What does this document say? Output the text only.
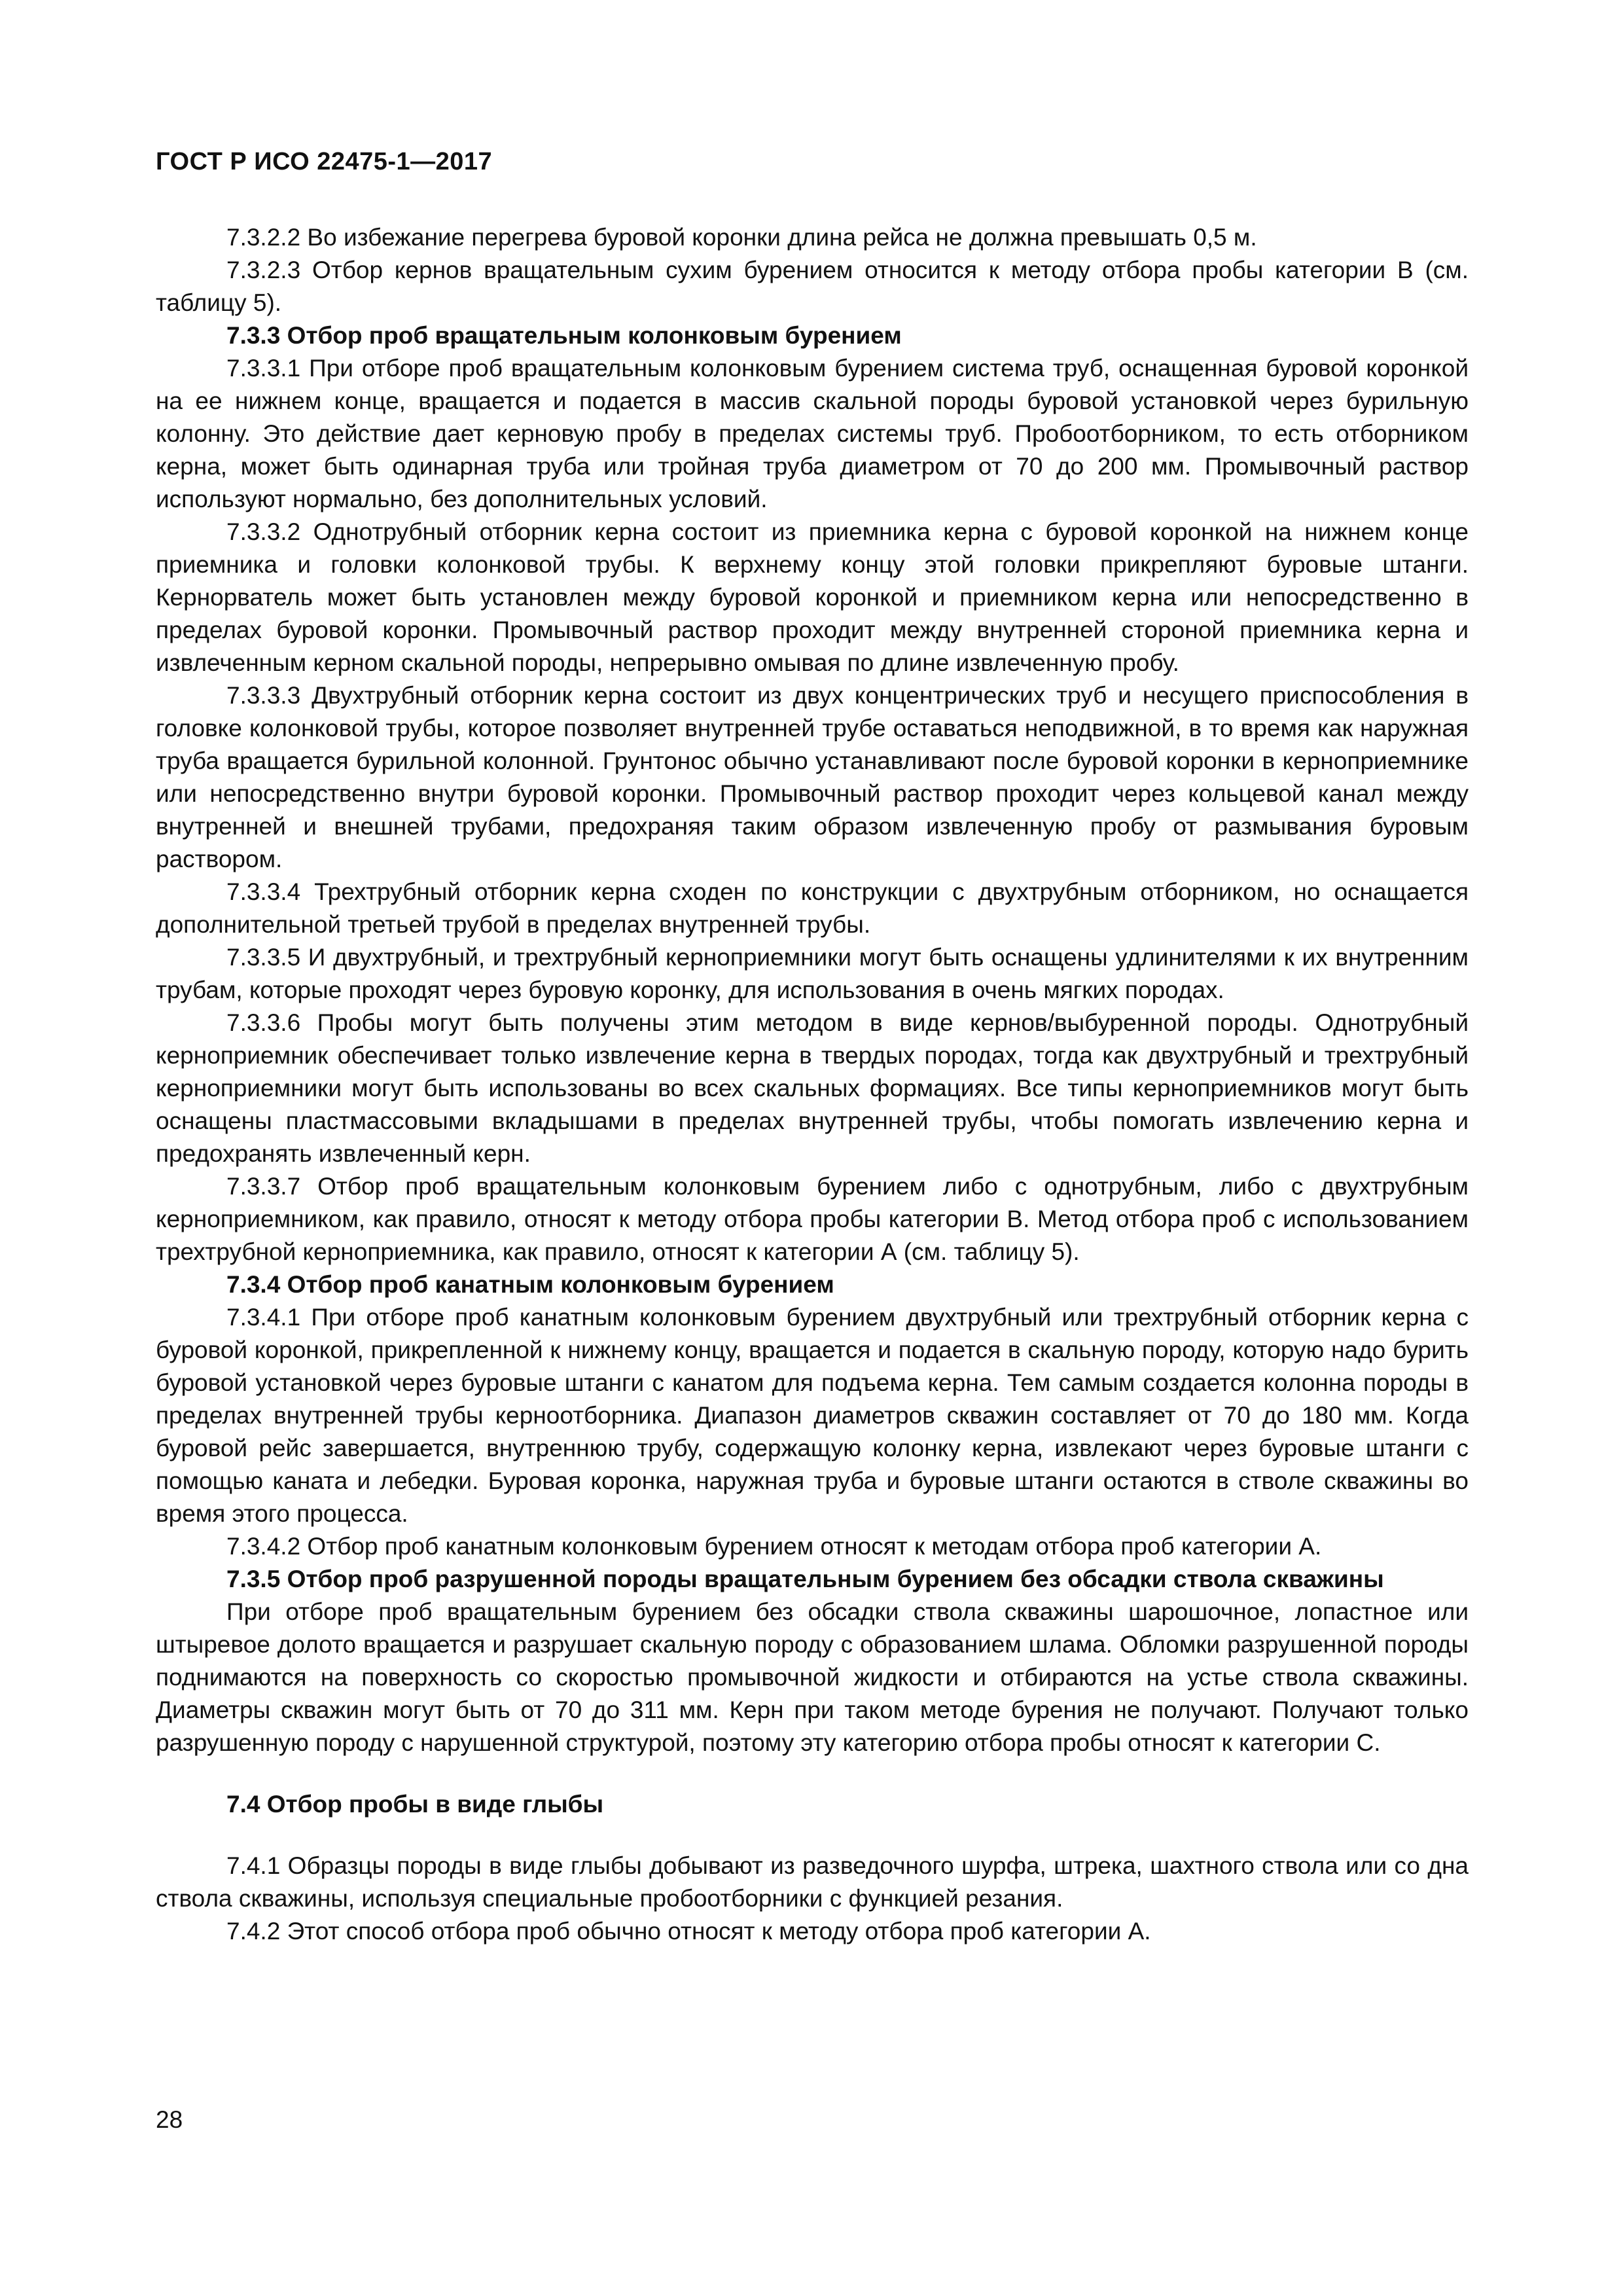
ГОСТ Р ИСО 22475-1—2017

7.3.2.2 Во избежание перегрева буровой коронки длина рейса не должна превышать 0,5 м.

7.3.2.3 Отбор кернов вращательным сухим бурением относится к методу отбора пробы категории В (см. таблицу 5).

7.3.3 Отбор проб вращательным колонковым бурением

7.3.3.1 При отборе проб вращательным колонковым бурением система труб, оснащенная буровой коронкой на ее нижнем конце, вращается и подается в массив скальной породы буровой установкой через бурильную колонну. Это действие дает керновую пробу в пределах системы труб. Пробоотборником, то есть отборником керна, может быть одинарная труба или тройная труба диаметром от 70 до 200 мм. Промывочный раствор используют нормально, без дополнительных условий.

7.3.3.2 Однотрубный отборник керна состоит из приемника керна с буровой коронкой на нижнем конце приемника и головки колонковой трубы. К верхнему концу этой головки прикрепляют буровые штанги. Кернорватель может быть установлен между буровой коронкой и приемником керна или непосредственно в пределах буровой коронки. Промывочный раствор проходит между внутренней стороной приемника керна и извлеченным керном скальной породы, непрерывно омывая по длине извлеченную пробу.

7.3.3.3 Двухтрубный отборник керна состоит из двух концентрических труб и несущего приспособления в головке колонковой трубы, которое позволяет внутренней трубе оставаться неподвижной, в то время как наружная труба вращается бурильной колонной. Грунтонос обычно устанавливают после буровой коронки в керноприемнике или непосредственно внутри буровой коронки. Промывочный раствор проходит через кольцевой канал между внутренней и внешней трубами, предохраняя таким образом извлеченную пробу от размывания буровым раствором.

7.3.3.4 Трехтрубный отборник керна сходен по конструкции с двухтрубным отборником, но оснащается дополнительной третьей трубой в пределах внутренней трубы.

7.3.3.5 И двухтрубный, и трехтрубный керноприемники могут быть оснащены удлинителями к их внутренним трубам, которые проходят через буровую коронку, для использования в очень мягких породах.

7.3.3.6 Пробы могут быть получены этим методом в виде кернов/выбуренной породы. Однотрубный керноприемник обеспечивает только извлечение керна в твердых породах, тогда как двухтрубный и трехтрубный керноприемники могут быть использованы во всех скальных формациях. Все типы керноприемников могут быть оснащены пластмассовыми вкладышами в пределах внутренней трубы, чтобы помогать извлечению керна и предохранять извлеченный керн.

7.3.3.7 Отбор проб вращательным колонковым бурением либо с однотрубным, либо с двухтрубным керноприемником, как правило, относят к методу отбора пробы категории В. Метод отбора проб с использованием трехтрубной керноприемника, как правило, относят к категории А (см. таблицу 5).

7.3.4 Отбор проб канатным колонковым бурением

7.3.4.1 При отборе проб канатным колонковым бурением двухтрубный или трехтрубный отборник керна с буровой коронкой, прикрепленной к нижнему концу, вращается и подается в скальную породу, которую надо бурить буровой установкой через буровые штанги с канатом для подъема керна. Тем самым создается колонна породы в пределах внутренней трубы керноотборника. Диапазон диаметров скважин составляет от 70 до 180 мм. Когда буровой рейс завершается, внутреннюю трубу, содержащую колонку керна, извлекают через буровые штанги с помощью каната и лебедки. Буровая коронка, наружная труба и буровые штанги остаются в стволе скважины во время этого процесса.

7.3.4.2 Отбор проб канатным колонковым бурением относят к методам отбора проб категории А.

7.3.5 Отбор проб разрушенной породы вращательным бурением без обсадки ствола скважины

При отборе проб вращательным бурением без обсадки ствола скважины шарошочное, лопастное или штыревое долото вращается и разрушает скальную породу с образованием шлама. Обломки разрушенной породы поднимаются на поверхность со скоростью промывочной жидкости и отбираются на устье ствола скважины. Диаметры скважин могут быть от 70 до 311 мм. Керн при таком методе бурения не получают. Получают только разрушенную породу с нарушенной структурой, поэтому эту категорию отбора пробы относят к категории С.

7.4 Отбор пробы в виде глыбы

7.4.1 Образцы породы в виде глыбы добывают из разведочного шурфа, штрека, шахтного ствола или со дна ствола скважины, используя специальные пробоотборники с функцией резания.

7.4.2 Этот способ отбора проб обычно относят к методу отбора проб категории А.

28
